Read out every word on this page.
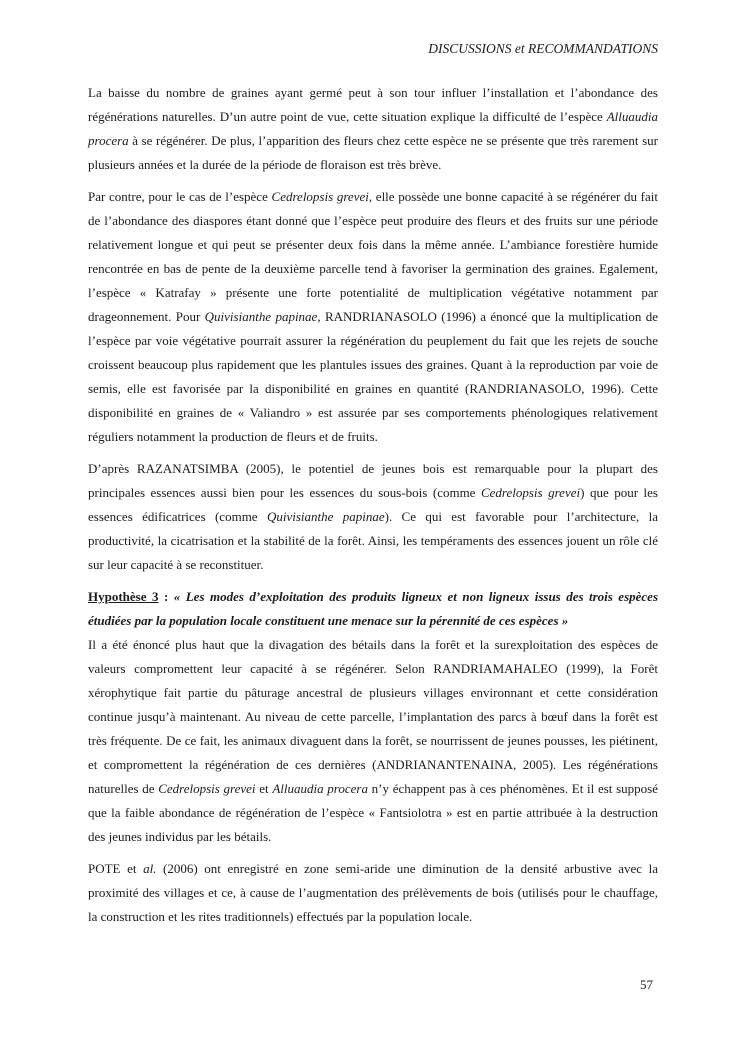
DISCUSSIONS et RECOMMANDATIONS

La baisse du nombre de graines ayant germé peut à son tour influer l’installation et l’abondance des régénérations naturelles. D’un autre point de vue, cette situation explique la difficulté de l’espèce Alluaudia procera à se régénérer. De plus, l’apparition des fleurs chez cette espèce ne se présente que très rarement sur plusieurs années et la durée de la période de floraison est très brève.

Par contre, pour le cas de l’espèce Cedrelopsis grevei, elle possède une bonne capacité à se régénérer du fait de l’abondance des diaspores étant donné que l’espèce peut produire des fleurs et des fruits sur une période relativement longue et qui peut se présenter deux fois dans la même année. L’ambiance forestière humide rencontrée en bas de pente de la deuxième parcelle tend à favoriser la germination des graines. Egalement, l’espèce « Katrafay » présente une forte potentialité de multiplication végétative notamment par drageonnement. Pour Quivisianthe papinae, RANDRIANASOLO (1996) a énoncé que la multiplication de l’espèce par voie végétative pourrait assurer la régénération du peuplement du fait que les rejets de souche croissent beaucoup plus rapidement que les plantules issues des graines. Quant à la reproduction par voie de semis, elle est favorisée par la disponibilité en graines en quantité (RANDRIANASOLO, 1996). Cette disponibilité en graines de « Valiandro » est assurée par ses comportements phénologiques relativement réguliers notamment la production de fleurs et de fruits.

D’après RAZANATSIMBA (2005), le potentiel de jeunes bois est remarquable pour la plupart des principales essences aussi bien pour les essences du sous-bois (comme Cedrelopsis grevei) que pour les essences édificatrices (comme Quivisianthe papinae). Ce qui est favorable pour l’architecture, la productivité, la cicatrisation et la stabilité de la forêt. Ainsi, les tempéraments des essences jouent un rôle clé sur leur capacité à se reconstituer.

Hypothèse 3 : « Les modes d’exploitation des produits ligneux et non ligneux issus des trois espèces étudiées par la population locale constituent une menace sur la pérennité de ces espèces »
Il a été énoncé plus haut que la divagation des bétails dans la forêt et la surexploitation des espèces de valeurs compromettent leur capacité à se régénérer. Selon RANDRIAMAHALEO (1999), la Forêt xérophytique fait partie du pâturage ancestral de plusieurs villages environnant et cette considération continue jusqu’à maintenant. Au niveau de cette parcelle, l’implantation des parcs à bœuf dans la forêt est très fréquente. De ce fait, les animaux divaguent dans la forêt, se nourrissent de jeunes pousses, les piétinent, et compromettent la régénération de ces dernières (ANDRIANANTENAINA, 2005). Les régénérations naturelles de Cedrelopsis grevei et Alluaudia procera n’y échappent pas à ces phénomènes. Et il est supposé que la faible abondance de régénération de l’espèce « Fantsiolotra » est en partie attribuée à la destruction des jeunes individus par les bétails.

POTE et al. (2006) ont enregistré en zone semi-aride une diminution de la densité arbustive avec la proximité des villages et ce, à cause de l’augmentation des prélèvements de bois (utilisés pour le chauffage, la construction et les rites traditionnels) effectués par la population locale.

57
